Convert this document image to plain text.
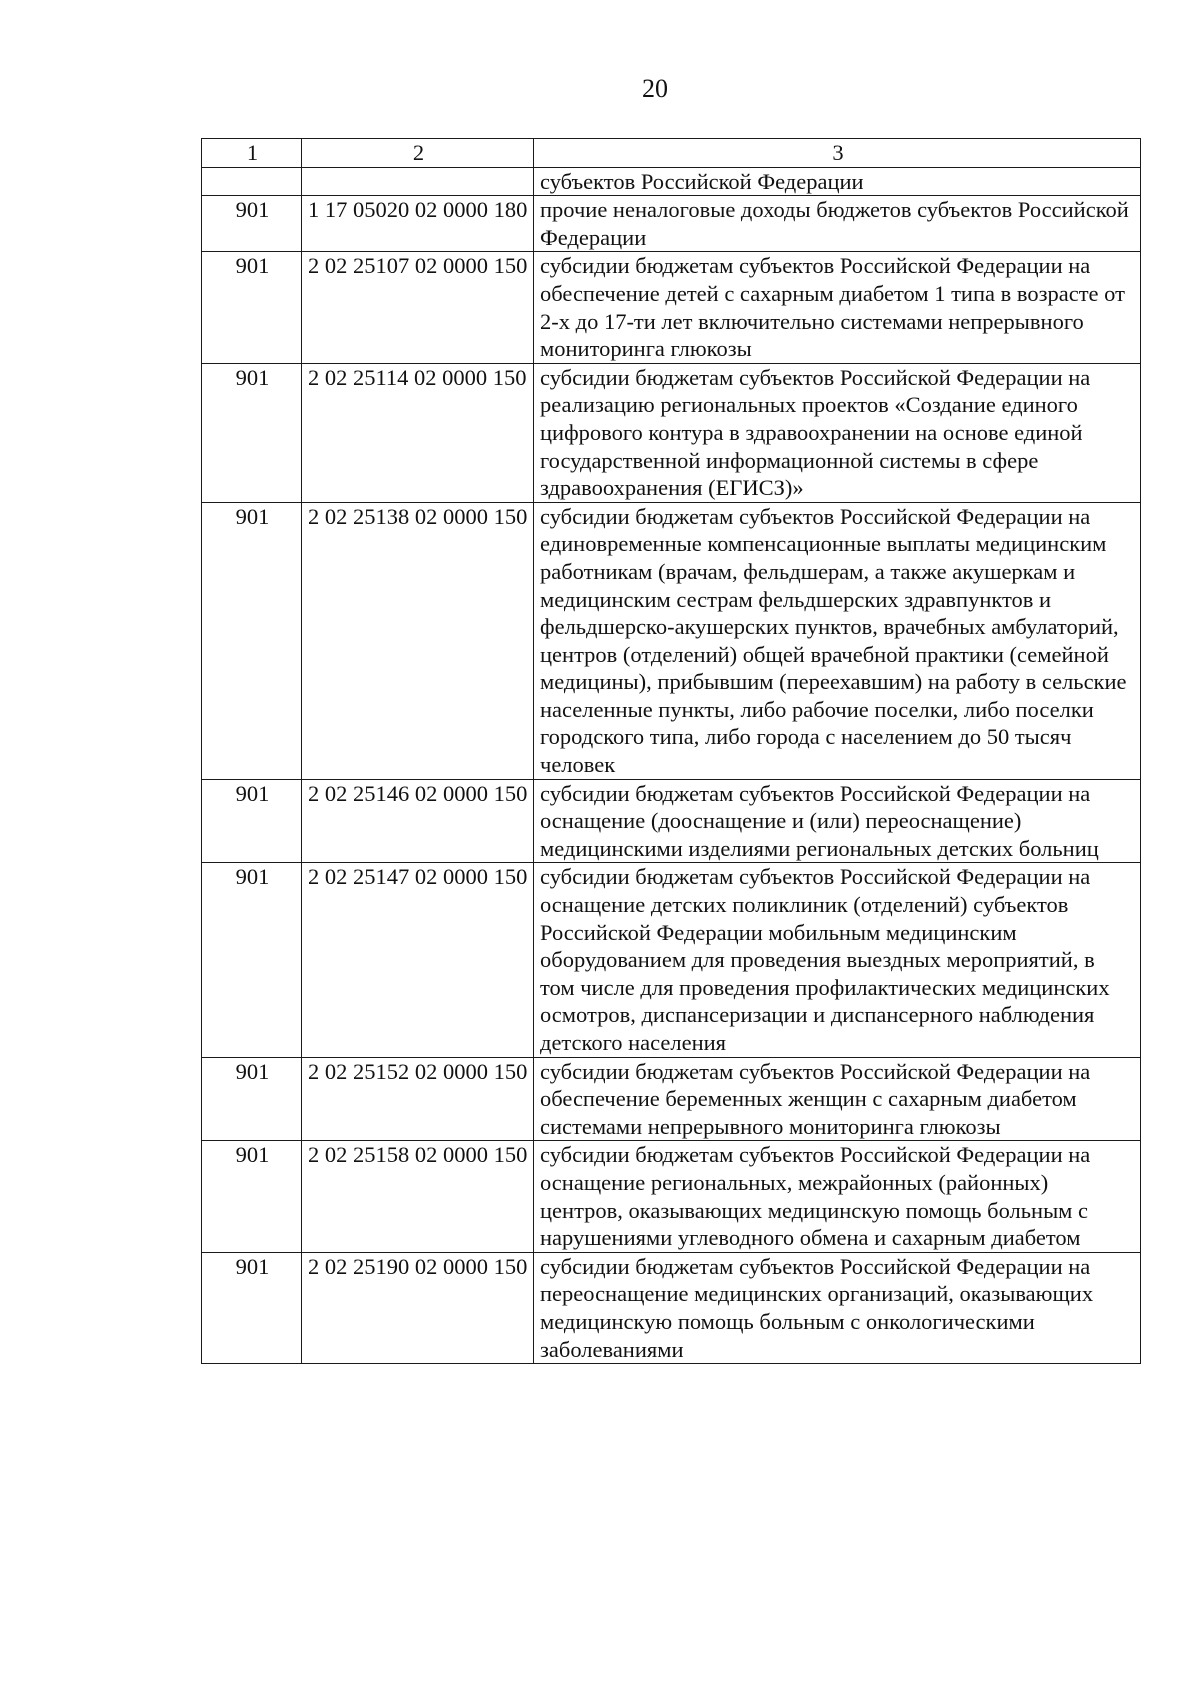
20
1	2	3
		субъектов Российской Федерации
901	1 17 05020 02 0000 180	прочие неналоговые доходы бюджетов субъектов Российской Федерации
901	2 02 25107 02 0000 150	субсидии бюджетам субъектов Российской Федерации на обеспечение детей с сахарным диабетом 1 типа в возрасте от 2-х до 17-ти лет включительно системами непрерывного мониторинга глюкозы
901	2 02 25114 02 0000 150	субсидии бюджетам субъектов Российской Федерации на реализацию региональных проектов «Создание единого цифрового контура в здравоохранении на основе единой государственной информационной системы в сфере здравоохранения (ЕГИСЗ)»
901	2 02 25138 02 0000 150	субсидии бюджетам субъектов Российской Федерации на единовременные компенсационные выплаты медицинским работникам (врачам, фельдшерам, а также акушеркам и медицинским сестрам фельдшерских здравпунктов и фельдшерско-акушерских пунктов, врачебных амбулаторий, центров (отделений) общей врачебной практики (семейной медицины), прибывшим (переехавшим) на работу в сельские населенные пункты, либо рабочие поселки, либо поселки городского типа, либо города с населением до 50 тысяч человек
901	2 02 25146 02 0000 150	субсидии бюджетам субъектов Российской Федерации на оснащение (дооснащение и (или) переоснащение) медицинскими изделиями региональных детских больниц
901	2 02 25147 02 0000 150	субсидии бюджетам субъектов Российской Федерации на оснащение детских поликлиник (отделений) субъектов Российской Федерации мобильным медицинским оборудованием для проведения выездных мероприятий, в том числе для проведения профилактических медицинских осмотров, диспансеризации и диспансерного наблюдения детского населения
901	2 02 25152 02 0000 150	субсидии бюджетам субъектов Российской Федерации на обеспечение беременных женщин с сахарным диабетом системами непрерывного мониторинга глюкозы
901	2 02 25158 02 0000 150	субсидии бюджетам субъектов Российской Федерации на оснащение региональных, межрайонных (районных) центров, оказывающих медицинскую помощь больным с нарушениями углеводного обмена и сахарным диабетом
901	2 02 25190 02 0000 150	субсидии бюджетам субъектов Российской Федерации на переоснащение медицинских организаций, оказывающих медицинскую помощь больным с онкологическими заболеваниями
